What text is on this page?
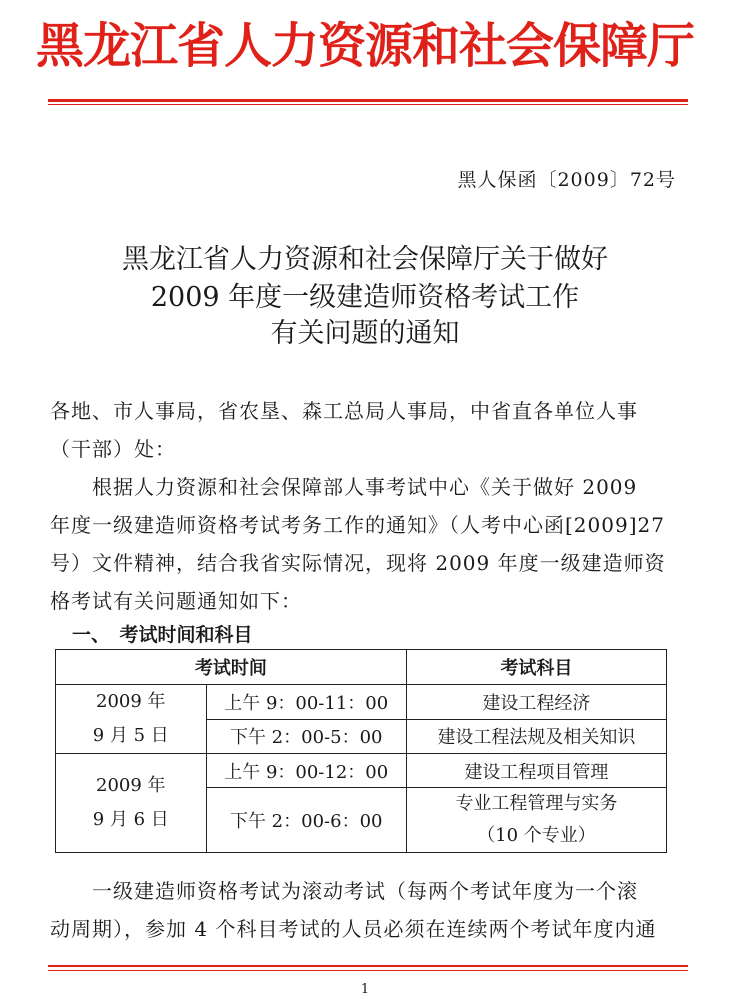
黑龙江省人力资源和社会保障厅
黑人保函〔2009〕72号
黑龙江省人力资源和社会保障厅关于做好
2009 年度一级建造师资格考试工作
有关问题的通知
各地、市人事局，省农垦、森工总局人事局，中省直各单位人事
（干部）处：
　　根据人力资源和社会保障部人事考试中心《关于做好 2009
年度一级建造师资格考试考务工作的通知》（人考中心函[2009]27
号）文件精神，结合我省实际情况，现将 2009 年度一级建造师资
格考试有关问题通知如下：
一、　考试时间和科目
考试时间		考试科目

2009 年
9 月 5 日	上午 9：00-11：00	建设工程经济
	下午 2：00-5：00	建设工程法规及相关知识

2009 年
9 月 6 日	上午 9：00-12：00	建设工程项目管理
	下午 2：00-6：00	专业工程管理与实务
（10 个专业）
　　一级建造师资格考试为滚动考试（每两个考试年度为一个滚
动周期），参加 4 个科目考试的人员必须在连续两个考试年度内通
1
